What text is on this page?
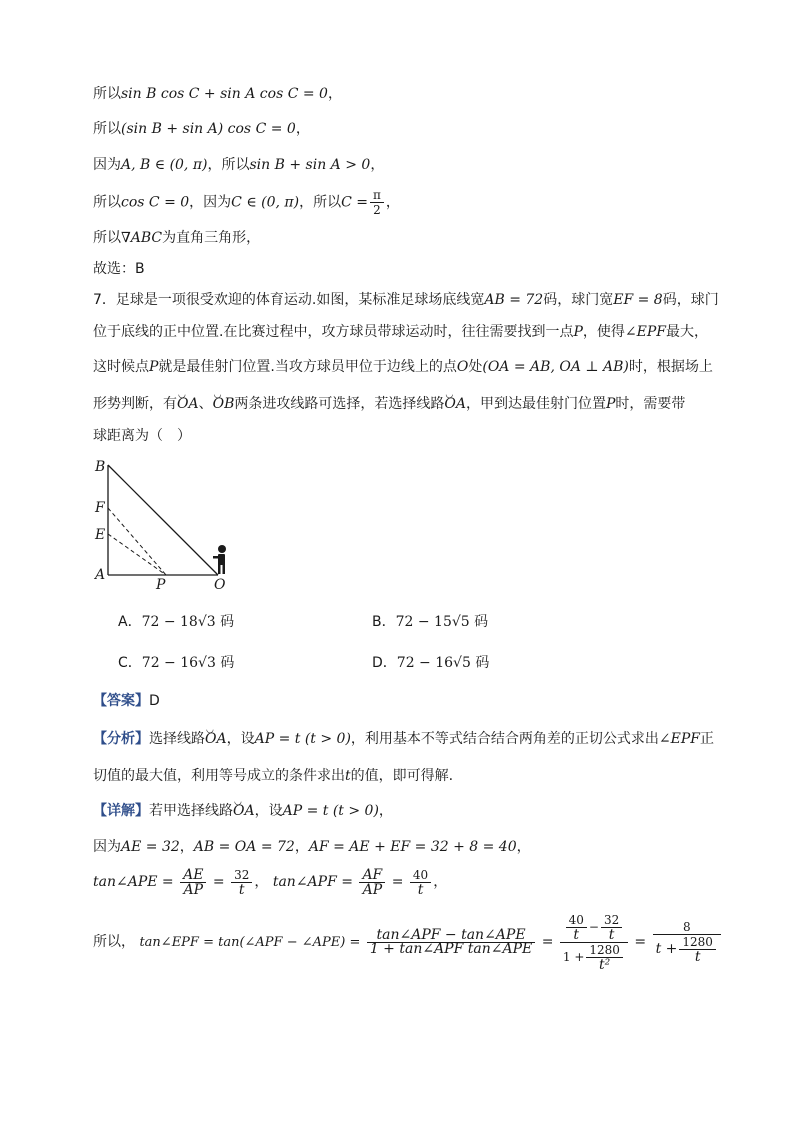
所以sin B cos C + sin A cos C = 0，
所以(sin B + sin A) cos C = 0，
因为A, B ∈ (0, π)，所以sin B + sin A > 0，
所以cos C = 0，因为C ∈ (0, π)，所以$C = \frac{\pi}{2}$ ，
所以∇ABC为直角三角形，
故选：B
7．足球是一项很受欢迎的体育运动.如图，某标准足球场底线宽AB = 72码，球门宽EF = 8码，球门
位于底线的正中位置.在比赛过程中，攻方球员带球运动时，往往需要找到一点P，使得∠EPF最大，
这时候点P就是最佳射门位置.当攻方球员甲位于边线上的点O处(OA = AB, OA ⊥ AB)时，根据场上
形势判断，有◡ OA、◡ OB两条进攻线路可选择，若选择线路◡ OA，甲到达最佳射门位置P时，需要带
球距离为（　）
B
F
E
A
P	O
A．72 − 18√3 码	B．72 − 15√5 码
C．72 − 16√3 码	D．72 − 16√5 码
【答案】D
【分析】选择线路◡ OA，设AP = t (t > 0)，利用基本不等式结合结合两角差的正切公式求出∠EPF正
切值的最大值，利用等号成立的条件求出t的值，即可得解.
【详解】若甲选择线路◡ OA，设AP = t (t > 0)，
因为AE = 32，AB = OA = 72，AF = AE + EF = 32 + 8 = 40，
tan∠APE = $\frac{AE}{AP} = \frac{32}{t}$ ， tan∠APF = $\frac{AF}{AP} = \frac{40}{t}$ ，
所以， tan∠EPF = tan(∠APF − ∠APE) = $\frac{\text{tan∠APF − tan∠APE}}{\text{1 + tan∠APF tan∠APE}} = \frac{\frac{40}{t} - \frac{32}{t}}{1 + \frac{1280}{\text{t²}}} = \frac{8}{t + \frac{1280}{t}}$
